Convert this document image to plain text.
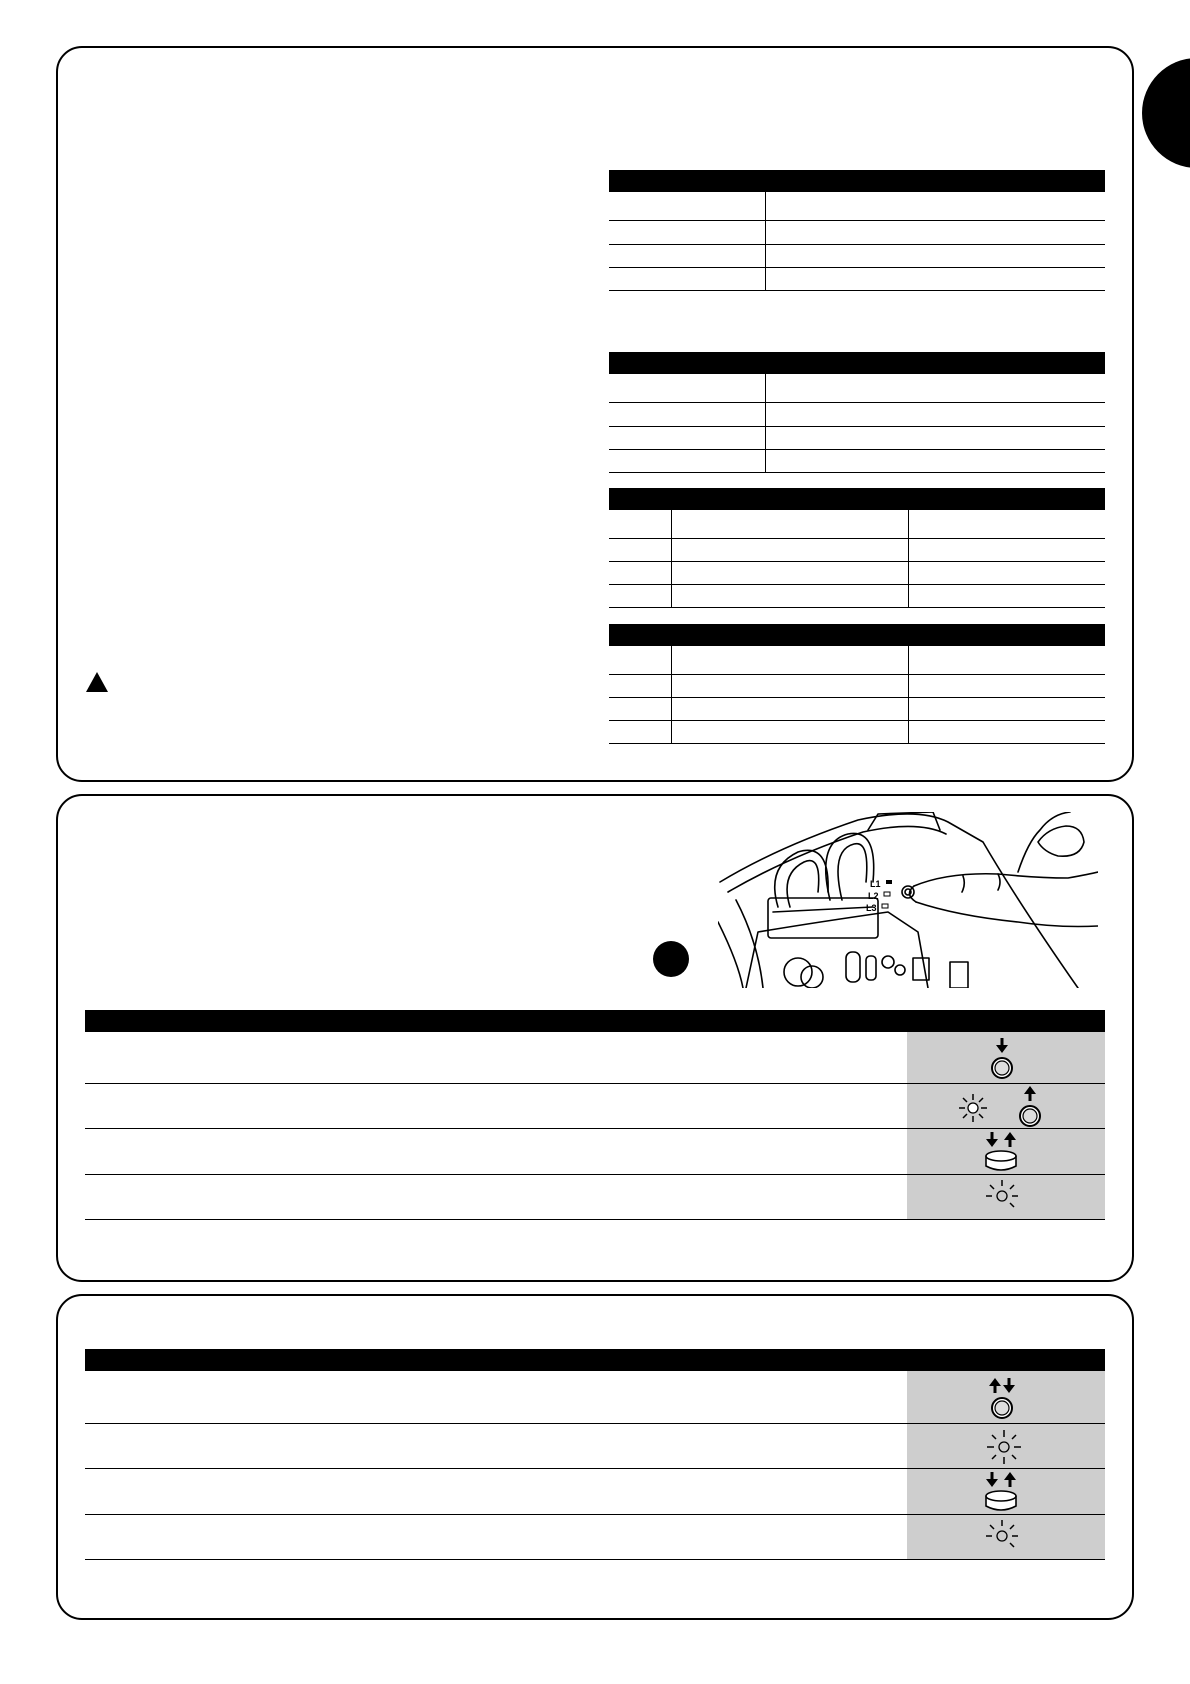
L1
L2
L3
